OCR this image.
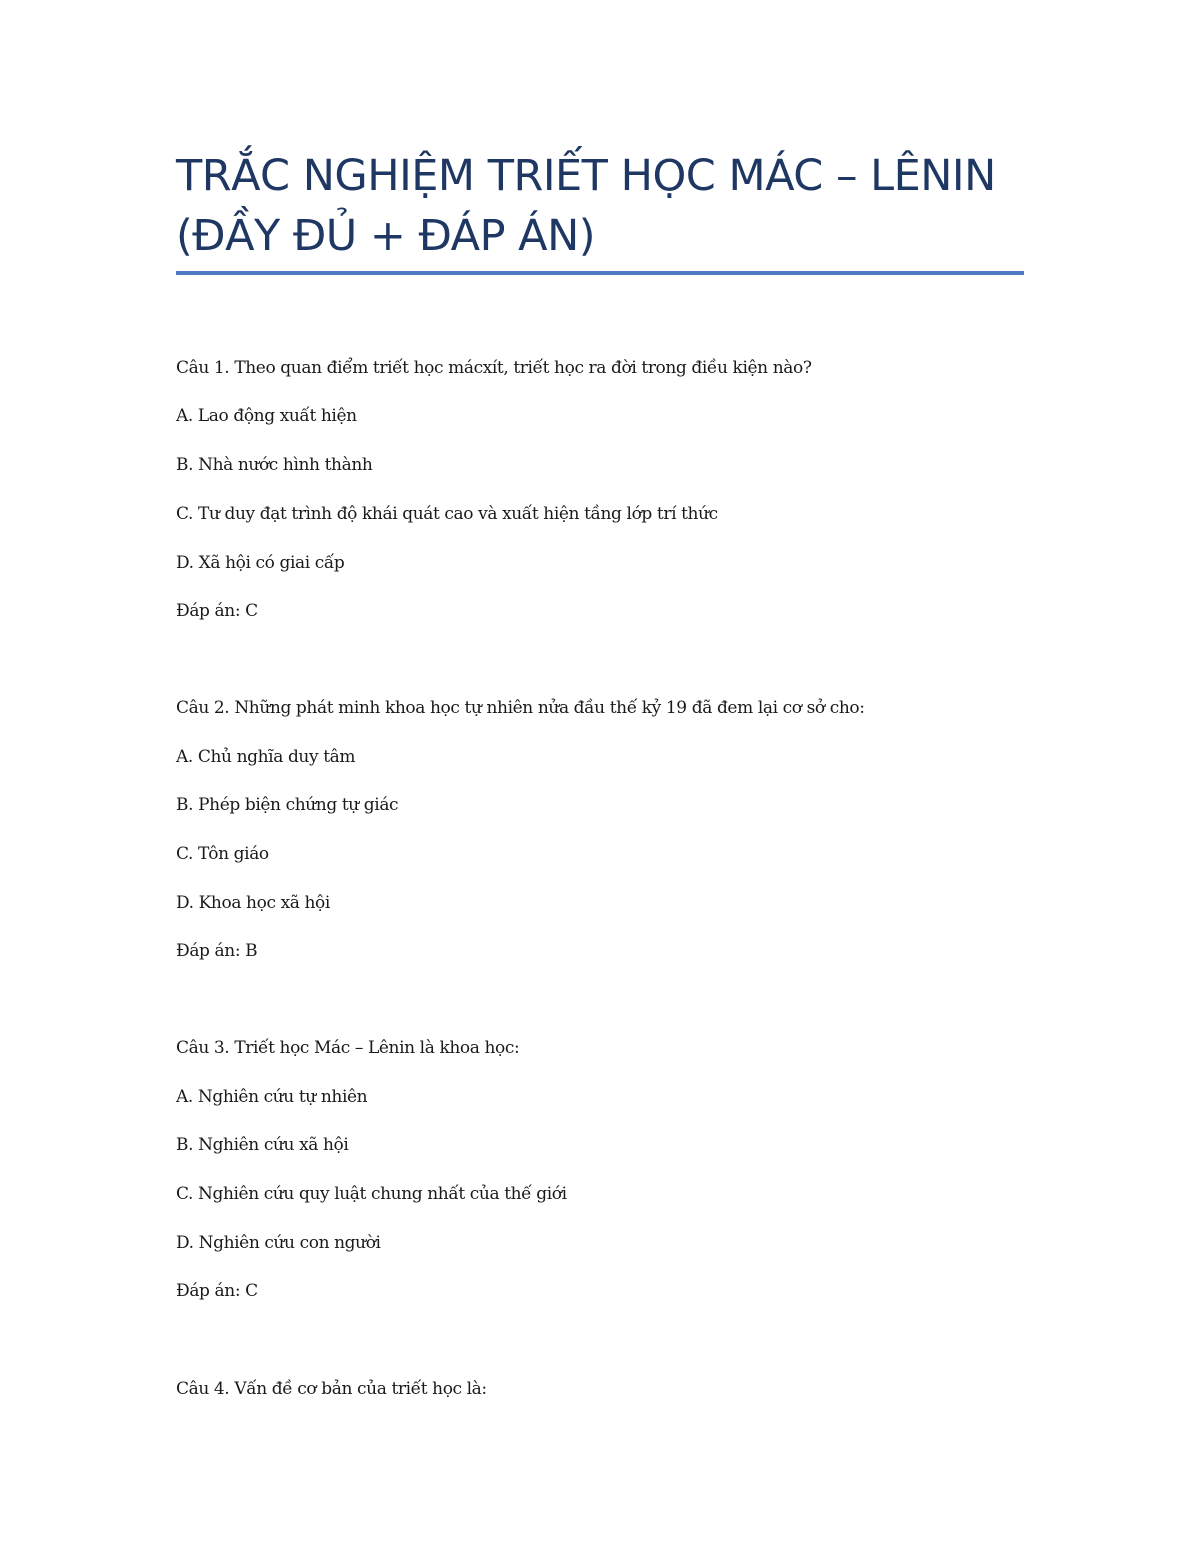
TRẮC NGHIỆM TRIẾT HỌC MÁC – LÊNIN
(ĐẦY ĐỦ + ĐÁP ÁN)

Câu 1. Theo quan điểm triết học mácxít, triết học ra đời trong điều kiện nào?

A. Lao động xuất hiện

B. Nhà nước hình thành

C. Tư duy đạt trình độ khái quát cao và xuất hiện tầng lớp trí thức

D. Xã hội có giai cấp

Đáp án: C

Câu 2. Những phát minh khoa học tự nhiên nửa đầu thế kỷ 19 đã đem lại cơ sở cho:

A. Chủ nghĩa duy tâm

B. Phép biện chứng tự giác

C. Tôn giáo

D. Khoa học xã hội

Đáp án: B

Câu 3. Triết học Mác – Lênin là khoa học:

A. Nghiên cứu tự nhiên

B. Nghiên cứu xã hội

C. Nghiên cứu quy luật chung nhất của thế giới

D. Nghiên cứu con người

Đáp án: C

Câu 4. Vấn đề cơ bản của triết học là:
